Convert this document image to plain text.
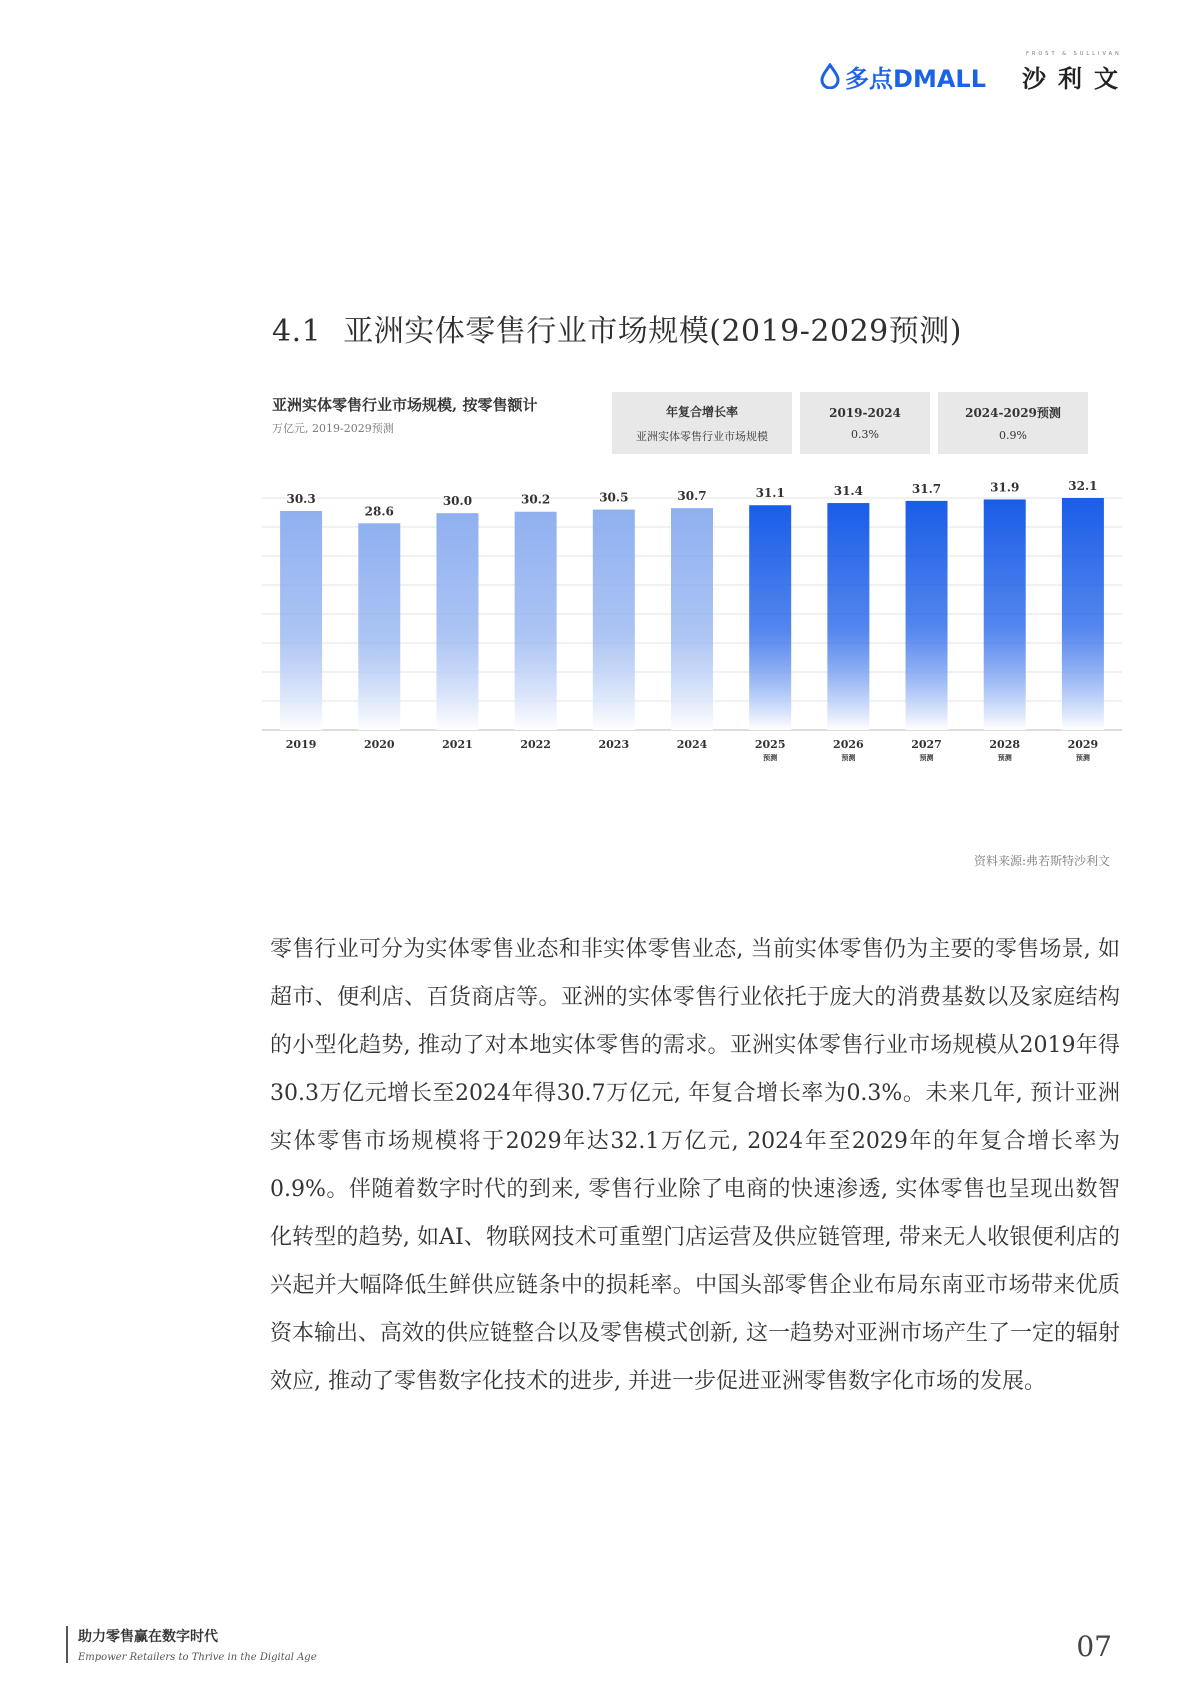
多点DMALL
FROST & SULLIVAN
沙利文
4.1 亚洲实体零售行业市场规模(2019-2029预测)
亚洲实体零售行业市场规模, 按零售额计
万亿元, 2019-2029预测
年复合增长率
亚洲实体零售行业市场规模
2019-2024
0.3%
2024-2029预测
0.9%
30.3
2019
28.6
2020
30.0
2021
30.2
2022
30.5
2023
30.7
2024
31.1
2025
预测
31.4
2026
预测
31.7
2027
预测
31.9
2028
预测
32.1
2029
预测
资料来源:弗若斯特沙利文
零售行业可分为实体零售业态和非实体零售业态, 当前实体零售仍为主要的零售场景, 如超市、便利店、百货商店等。亚洲的实体零售行业依托于庞大的消费基数以及家庭结构的小型化趋势, 推动了对本地实体零售的需求。亚洲实体零售行业市场规模从2019年得30.3万亿元增长至2024年得30.7万亿元, 年复合增长率为0.3%。未来几年, 预计亚洲实体零售市场规模将于2029年达32.1万亿元, 2024年至2029年的年复合增长率为0.9%。伴随着数字时代的到来, 零售行业除了电商的快速渗透, 实体零售也呈现出数智化转型的趋势, 如AI、物联网技术可重塑门店运营及供应链管理, 带来无人收银便利店的兴起并大幅降低生鲜供应链条中的损耗率。中国头部零售企业布局东南亚市场带来优质资本输出、高效的供应链整合以及零售模式创新, 这一趋势对亚洲市场产生了一定的辐射效应, 推动了零售数字化技术的进步, 并进一步促进亚洲零售数字化市场的发展。
助力零售赢在数字时代
Empower Retailers to Thrive in the Digital Age	07
